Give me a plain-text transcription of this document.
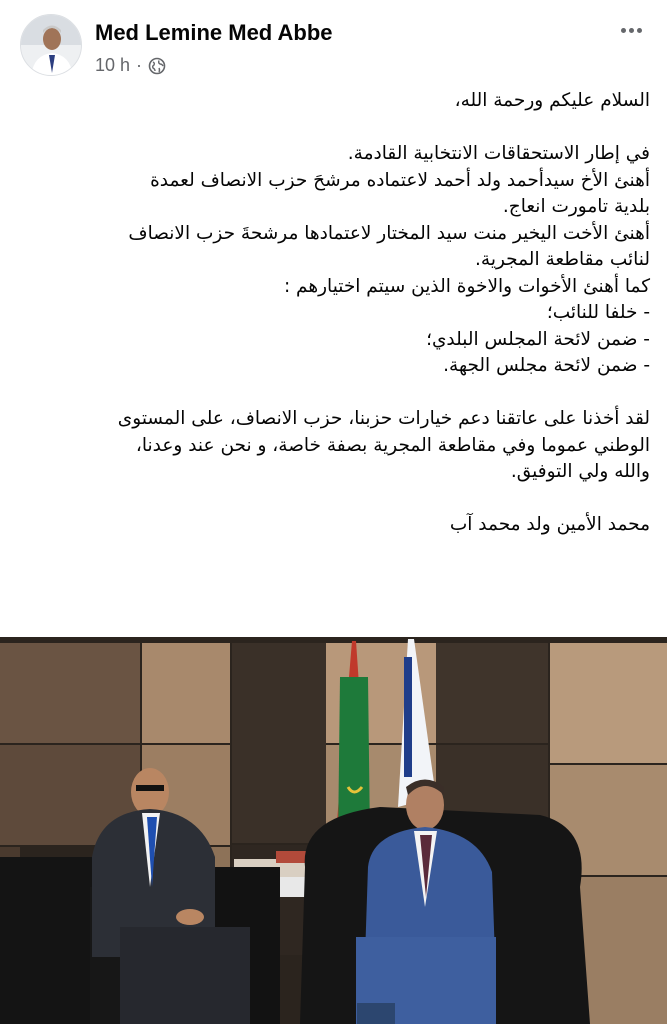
Med Lemine Med Abbe
10 h ·

السلام عليكم ورحمة الله،

في إطار الاستحقاقات الانتخابية القادمة.

أهنئ الأخ سيدأحمد ولد أحمد لاعتماده مرشحَ حزب الانصاف لعمدة

بلدية تامورت انعاج.

أهنئ الأخت اليخير منت سيد المختار لاعتمادها مرشحةَ حزب الانصاف

لنائب مقاطعة المجرية.

كما أهنئ الأخوات والاخوة الذين سيتم اختيارهم :

- خلفا للنائب؛

- ضمن لائحة المجلس البلدي؛

- ضمن لائحة مجلس الجهة.

لقد أخذنا على عاتقنا دعم خيارات حزبنا، حزب الانصاف، على المستوى

الوطني عموما وفي مقاطعة المجرية بصفة خاصة، و نحن عند وعدنا،

والله ولي التوفيق.

محمد الأمين ولد محمد آب
